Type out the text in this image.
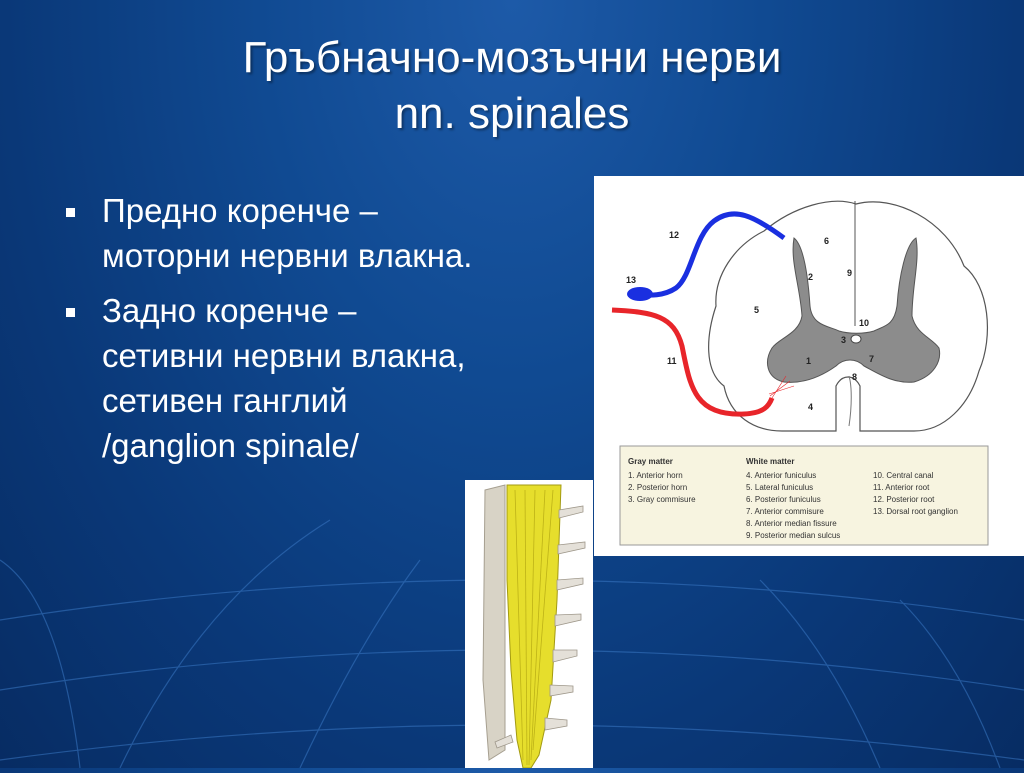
Гръбначно-мозъчни нерви
nn. spinales
Предно коренче – моторни нервни влакна.
Задно коренче – сетивни нервни влакна, сетивен ганглий /ganglion spinale/
1
2
3
4
5
6
7
8
9
10
11
12
13
Gray matter
1. Anterior horn
2. Posterior horn
3. Gray commisure
White matter
4. Anterior funiculus
5. Lateral funiculus
6. Posterior funiculus
7. Anterior commisure
8. Anterior median fissure
9. Posterior median sulcus
10. Central canal
11. Anterior root
12. Posterior root
13. Dorsal root ganglion
